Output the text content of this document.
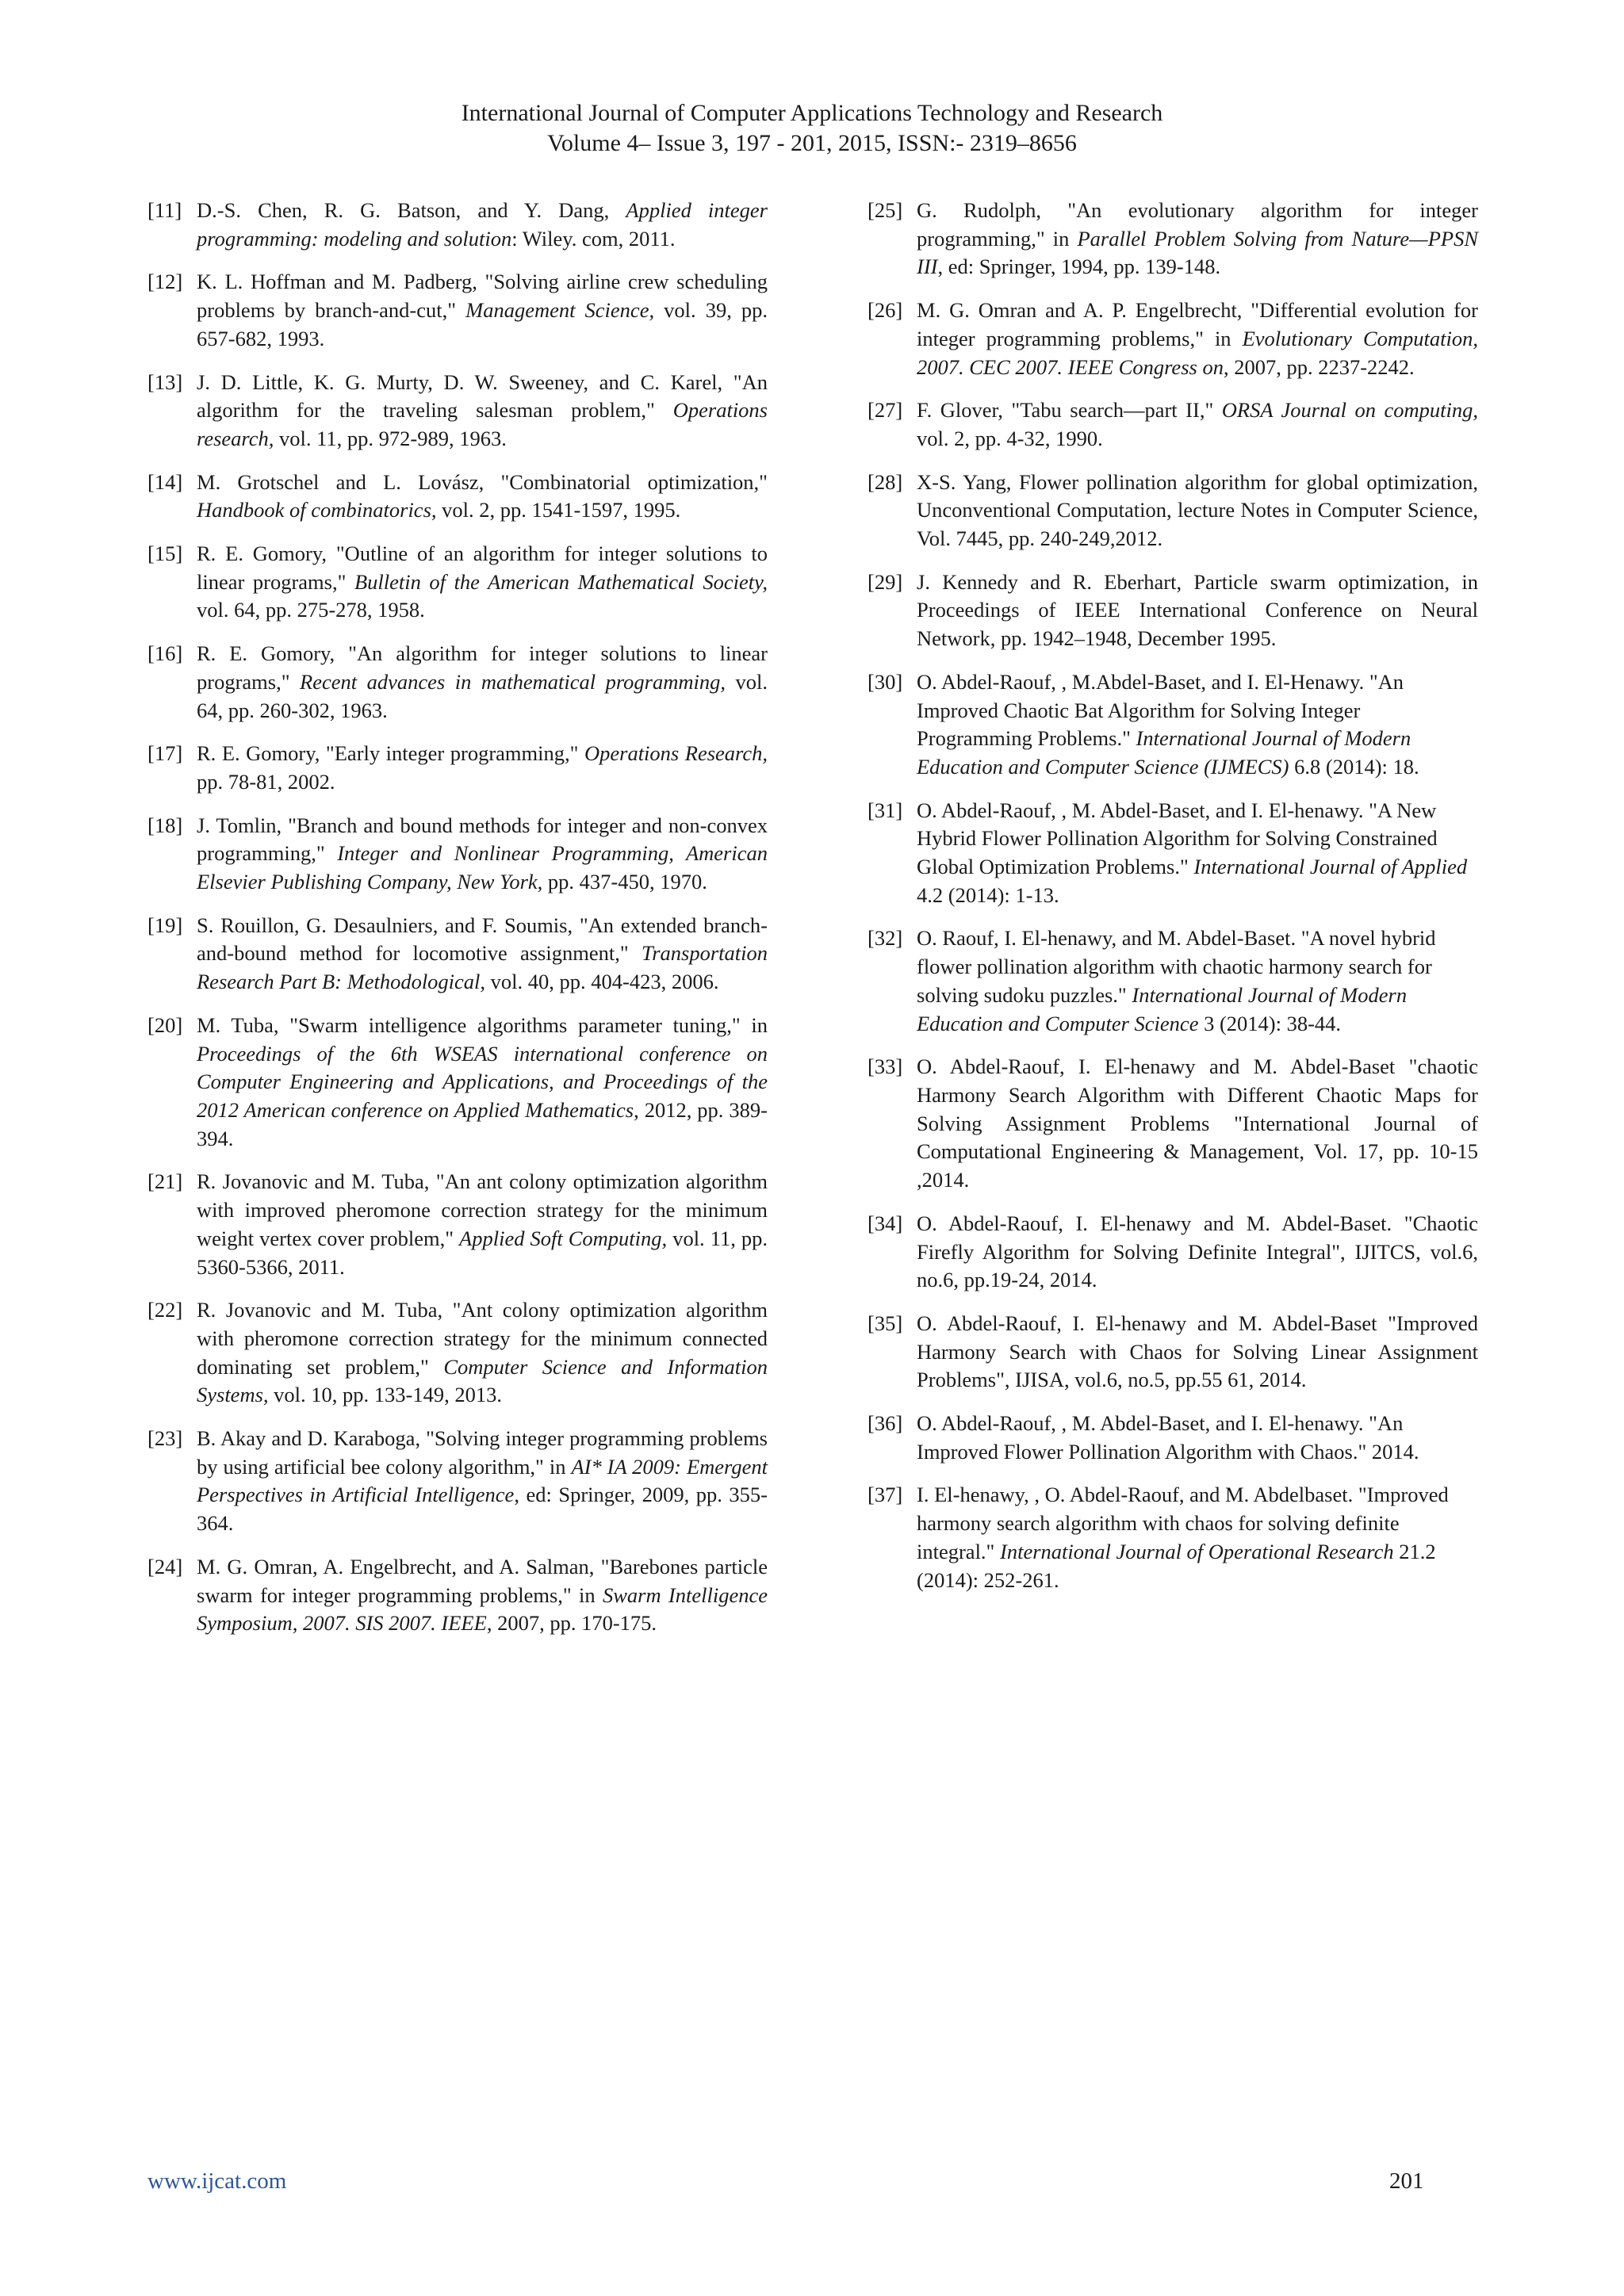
International Journal of Computer Applications Technology and Research
Volume 4– Issue 3, 197 - 201, 2015, ISSN:- 2319–8656
[11] D.-S. Chen, R. G. Batson, and Y. Dang, Applied integer programming: modeling and solution: Wiley. com, 2011.
[12] K. L. Hoffman and M. Padberg, "Solving airline crew scheduling problems by branch-and-cut," Management Science, vol. 39, pp. 657-682, 1993.
[13] J. D. Little, K. G. Murty, D. W. Sweeney, and C. Karel, "An algorithm for the traveling salesman problem," Operations research, vol. 11, pp. 972-989, 1963.
[14] M. Grotschel and L. Lovász, "Combinatorial optimization," Handbook of combinatorics, vol. 2, pp. 1541-1597, 1995.
[15] R. E. Gomory, "Outline of an algorithm for integer solutions to linear programs," Bulletin of the American Mathematical Society, vol. 64, pp. 275-278, 1958.
[16] R. E. Gomory, "An algorithm for integer solutions to linear programs," Recent advances in mathematical programming, vol. 64, pp. 260-302, 1963.
[17] R. E. Gomory, "Early integer programming," Operations Research, pp. 78-81, 2002.
[18] J. Tomlin, "Branch and bound methods for integer and non-convex programming," Integer and Nonlinear Programming, American Elsevier Publishing Company, New York, pp. 437-450, 1970.
[19] S. Rouillon, G. Desaulniers, and F. Soumis, "An extended branch-and-bound method for locomotive assignment," Transportation Research Part B: Methodological, vol. 40, pp. 404-423, 2006.
[20] M. Tuba, "Swarm intelligence algorithms parameter tuning," in Proceedings of the 6th WSEAS international conference on Computer Engineering and Applications, and Proceedings of the 2012 American conference on Applied Mathematics, 2012, pp. 389-394.
[21] R. Jovanovic and M. Tuba, "An ant colony optimization algorithm with improved pheromone correction strategy for the minimum weight vertex cover problem," Applied Soft Computing, vol. 11, pp. 5360-5366, 2011.
[22] R. Jovanovic and M. Tuba, "Ant colony optimization algorithm with pheromone correction strategy for the minimum connected dominating set problem," Computer Science and Information Systems, vol. 10, pp. 133-149, 2013.
[23] B. Akay and D. Karaboga, "Solving integer programming problems by using artificial bee colony algorithm," in AI* IA 2009: Emergent Perspectives in Artificial Intelligence, ed: Springer, 2009, pp. 355-364.
[24] M. G. Omran, A. Engelbrecht, and A. Salman, "Barebones particle swarm for integer programming problems," in Swarm Intelligence Symposium, 2007. SIS 2007. IEEE, 2007, pp. 170-175.
[25] G. Rudolph, "An evolutionary algorithm for integer programming," in Parallel Problem Solving from Nature—PPSN III, ed: Springer, 1994, pp. 139-148.
[26] M. G. Omran and A. P. Engelbrecht, "Differential evolution for integer programming problems," in Evolutionary Computation, 2007. CEC 2007. IEEE Congress on, 2007, pp. 2237-2242.
[27] F. Glover, "Tabu search—part II," ORSA Journal on computing, vol. 2, pp. 4-32, 1990.
[28] X-S. Yang, Flower pollination algorithm for global optimization, Unconventional Computation, lecture Notes in Computer Science, Vol. 7445, pp. 240-249,2012.
[29] J. Kennedy and R. Eberhart, Particle swarm optimization, in Proceedings of IEEE International Conference on Neural Network, pp. 1942–1948, December 1995.
[30] O. Abdel-Raouf, , M.Abdel-Baset, and I. El-Henawy. "An Improved Chaotic Bat Algorithm for Solving Integer Programming Problems." International Journal of Modern Education and Computer Science (IJMECS) 6.8 (2014): 18.
[31] O. Abdel-Raouf, , M. Abdel-Baset, and I. El-henawy. "A New Hybrid Flower Pollination Algorithm for Solving Constrained Global Optimization Problems." International Journal of Applied 4.2 (2014): 1-13.
[32] O. Raouf, I. El-henawy, and M. Abdel-Baset. "A novel hybrid flower pollination algorithm with chaotic harmony search for solving sudoku puzzles." International Journal of Modern Education and Computer Science 3 (2014): 38-44.
[33] O. Abdel-Raouf, I. El-henawy and M. Abdel-Baset "chaotic Harmony Search Algorithm with Different Chaotic Maps for Solving Assignment Problems "International Journal of Computational Engineering & Management, Vol. 17, pp. 10-15 ,2014.
[34] O. Abdel-Raouf, I. El-henawy and M. Abdel-Baset. "Chaotic Firefly Algorithm for Solving Definite Integral", IJITCS, vol.6, no.6, pp.19-24, 2014.
[35] O. Abdel-Raouf, I. El-henawy and M. Abdel-Baset "Improved Harmony Search with Chaos for Solving Linear Assignment Problems", IJISA, vol.6, no.5, pp.55 61, 2014.
[36] O. Abdel-Raouf, , M. Abdel-Baset, and I. El-henawy. "An Improved Flower Pollination Algorithm with Chaos." 2014.
[37] I. El-henawy, , O. Abdel-Raouf, and M. Abdelbaset. "Improved harmony search algorithm with chaos for solving definite integral." International Journal of Operational Research 21.2 (2014): 252-261.
www.ijcat.com	201
